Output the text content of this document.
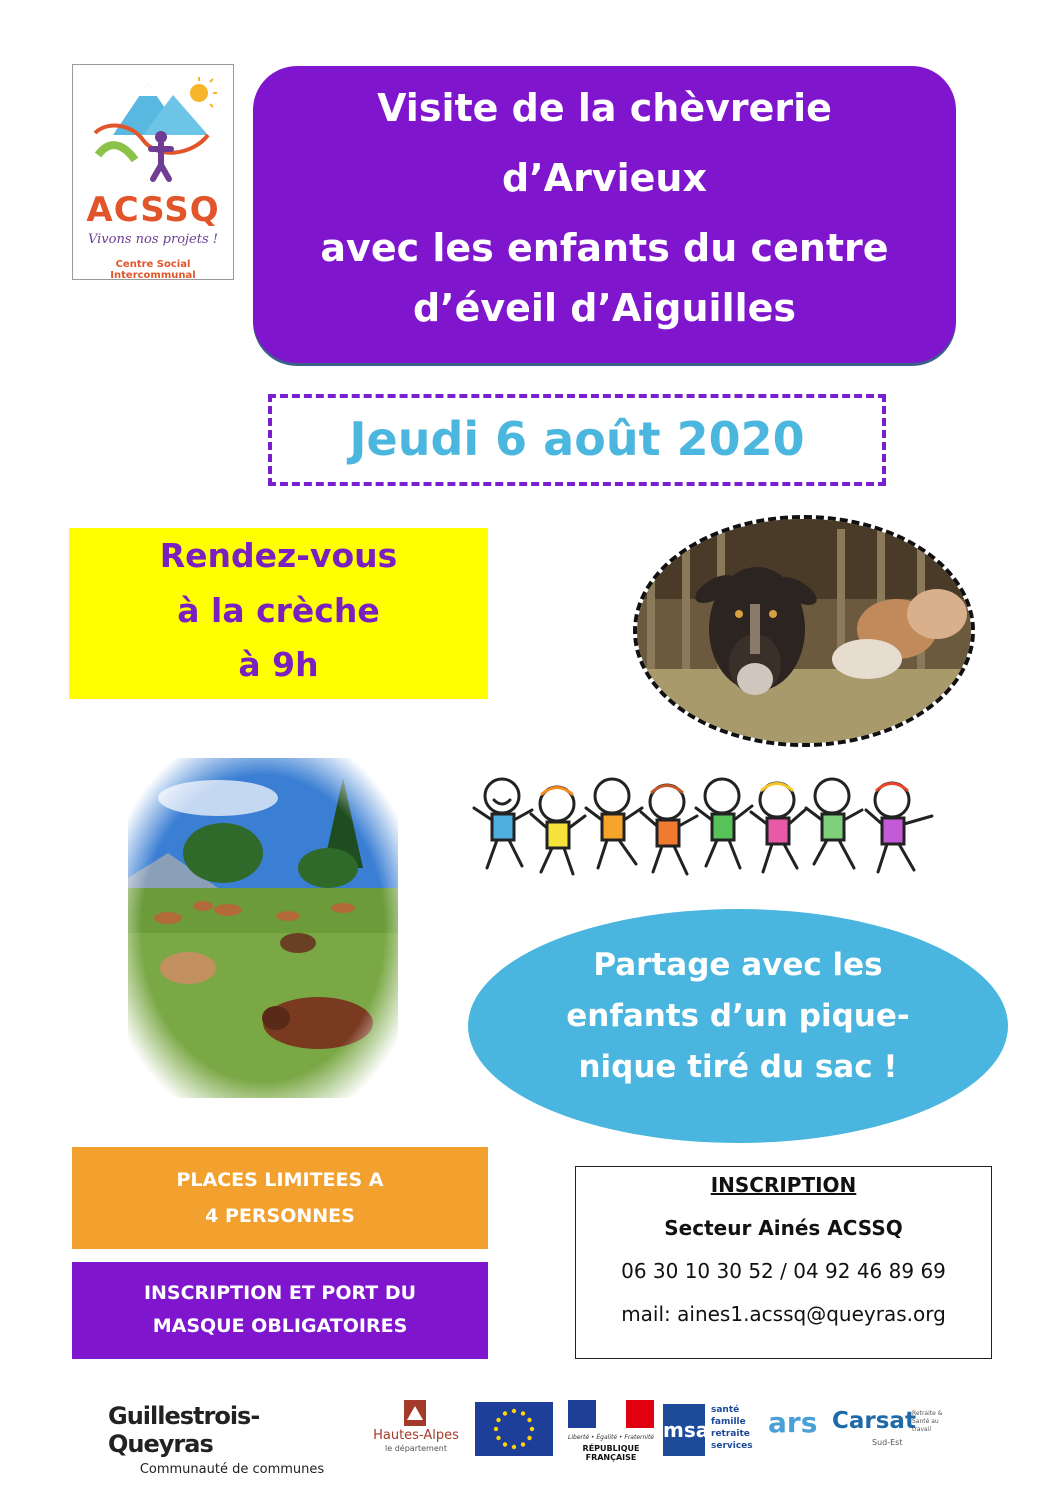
ACSSQ
Vivons nos projets !
Centre Social Intercommunal
Visite de la chèvrerie
d’Arvieux
avec les enfants du centre
d’éveil d’Aiguilles
Jeudi 6 août 2020
Rendez-vous
à la crèche
à 9h
Partage avec les
enfants d’un pique-
nique tiré du sac !
PLACES LIMITEES A
4 PERSONNES
INSCRIPTION ET PORT DU
MASQUE OBLIGATOIRES
INSCRIPTION
Secteur Ainés ACSSQ
06 30 10 30 52 / 04 92 46 89 69
mail: aines1.acssq@queyras.org
Guillestrois-Queyras
Communauté de communes
Hautes-Alpes
le département
Liberté • Égalité • Fraternité
RÉPUBLIQUE FRANÇAISE
msa
santé
famille
retraite
services
ars Carsat
Retraite & Santé au travail
Sud-Est
